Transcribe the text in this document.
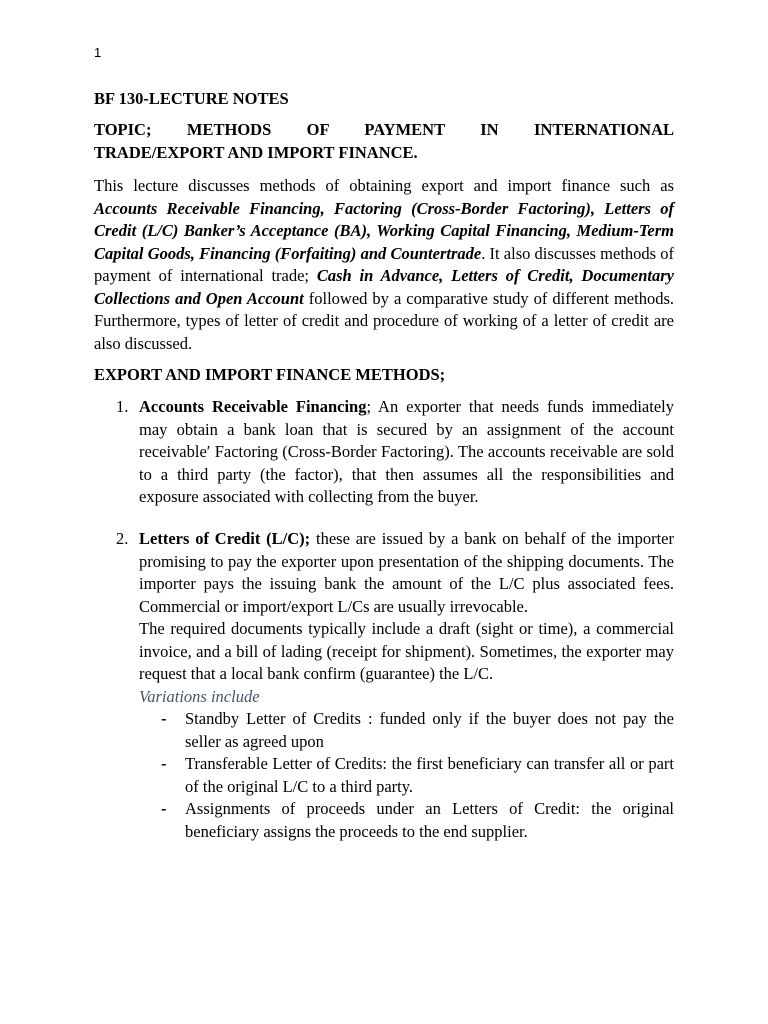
1

BF 130-LECTURE NOTES

TOPIC; METHODS OF PAYMENT IN INTERNATIONAL
TRADE/EXPORT AND IMPORT FINANCE.

This lecture discusses methods of obtaining export and import finance such as Accounts Receivable Financing, Factoring (Cross-Border Factoring), Letters of Credit (L/C) Banker’s Acceptance (BA), Working Capital Financing, Medium-Term Capital Goods, Financing (Forfaiting) and Countertrade. It also discusses methods of payment of international trade; Cash in Advance, Letters of Credit, Documentary Collections and Open Account followed by a comparative study of different methods. Furthermore, types of letter of credit and procedure of working of a letter of credit are also discussed.

EXPORT AND IMPORT FINANCE METHODS;

1. Accounts Receivable Financing; An exporter that needs funds immediately may obtain a bank loan that is secured by an assignment of the account receivable′ Factoring (Cross-Border Factoring). The accounts receivable are sold to a third party (the factor), that then assumes all the responsibilities and exposure associated with collecting from the buyer.

2. Letters of Credit (L/C); these are issued by a bank on behalf of the importer promising to pay the exporter upon presentation of the shipping documents. The importer pays the issuing bank the amount of the L/C plus associated fees. Commercial or import/export L/Cs are usually irrevocable.

The required documents typically include a draft (sight or time), a commercial invoice, and a bill of lading (receipt for shipment). Sometimes, the exporter may request that a local bank confirm (guarantee) the L/C.

Variations include

- Standby Letter of Credits : funded only if the buyer does not pay the seller as agreed upon
- Transferable Letter of Credits: the first beneficiary can transfer all or part of the original L/C to a third party.
- Assignments of proceeds under an Letters of Credit: the original beneficiary assigns the proceeds to the end supplier.
